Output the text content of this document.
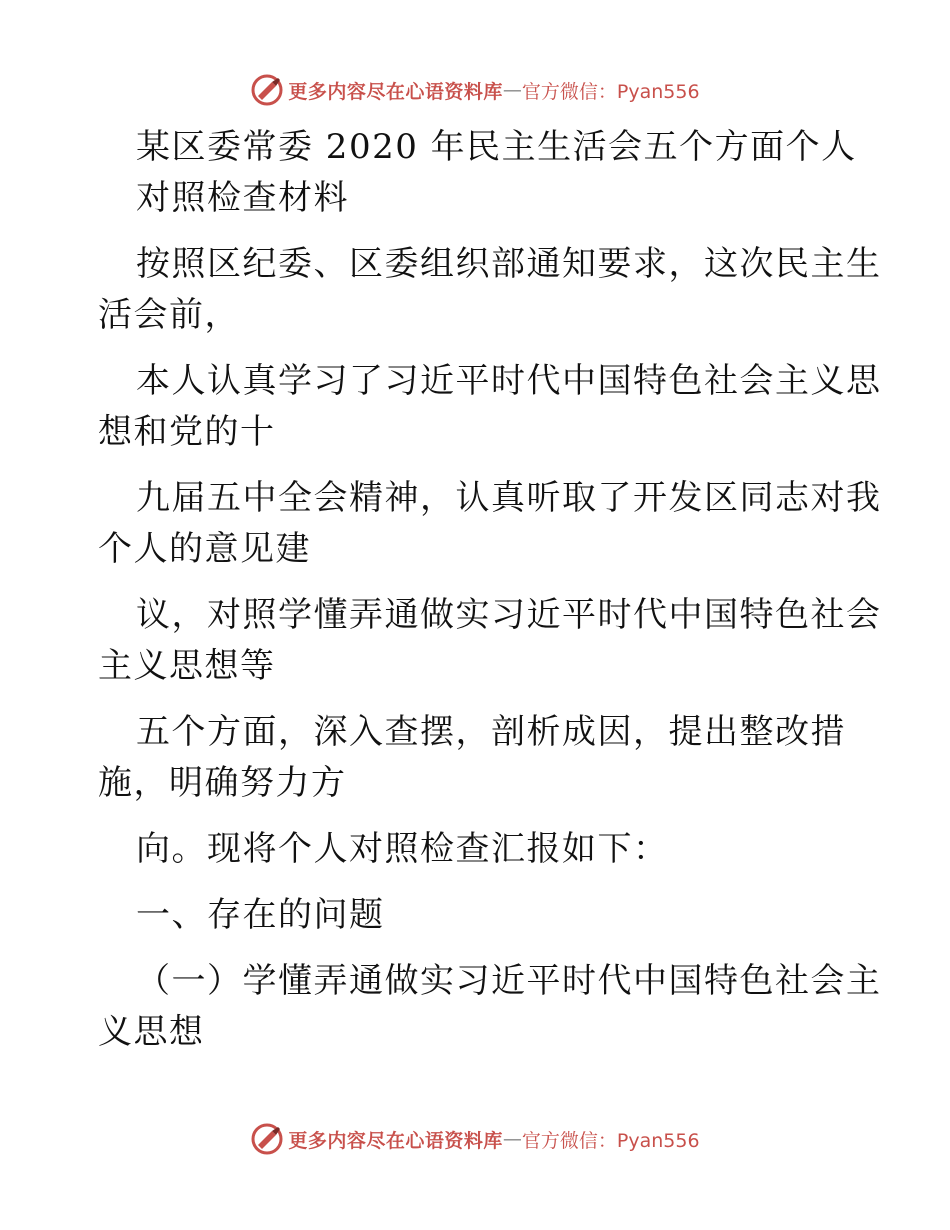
更多内容尽在心语资料库 — 官方微信：Pyan556
某区委常委 2020 年民主生活会五个方面个人
对照检查材料
按照区纪委、区委组织部通知要求，这次民主生
活会前，
本人认真学习了习近平时代中国特色社会主义思
想和党的十
九届五中全会精神，认真听取了开发区同志对我
个人的意见建
议，对照学懂弄通做实习近平时代中国特色社会
主义思想等
五个方面，深入查摆，剖析成因，提出整改措
施，明确努力方
向。现将个人对照检查汇报如下：
一、存在的问题
（一）学懂弄通做实习近平时代中国特色社会主
义思想
更多内容尽在心语资料库 — 官方微信：Pyan556
